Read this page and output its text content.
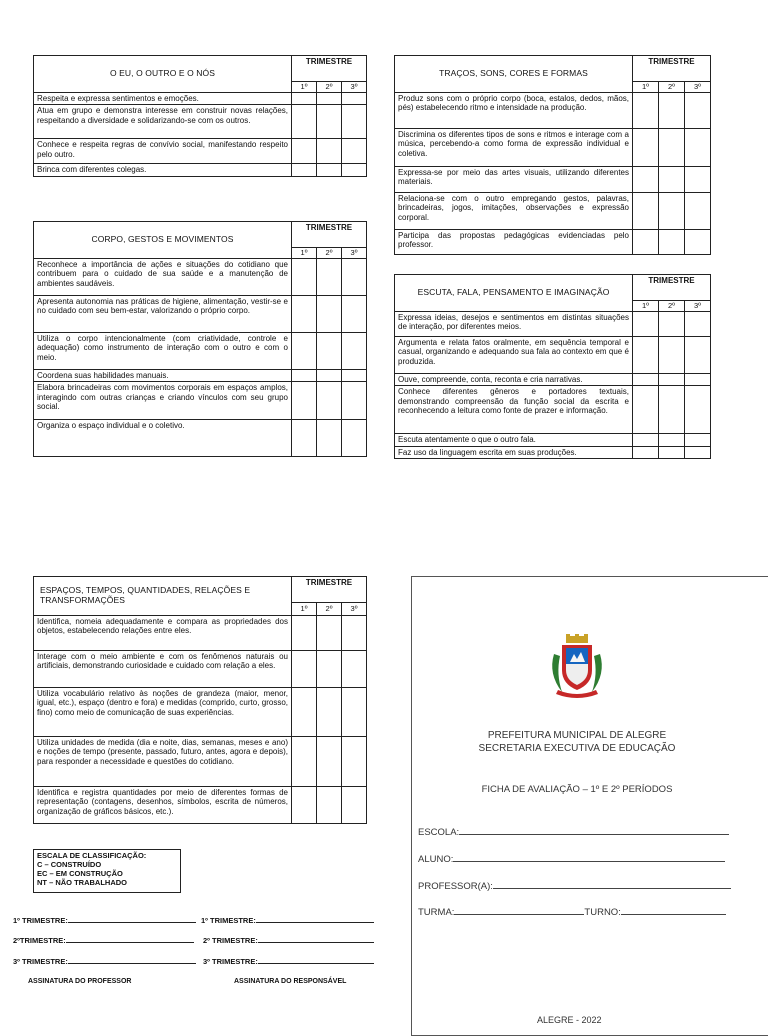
O EU, O OUTRO E O NÓS	TRIMESTRE		
	1º	2º	3º
Respeita e expressa sentimentos e emoções.			
Atua em grupo e demonstra interesse em construir novas relações, respeitando a diversidade e solidarizando-se com os outros.			
Conhece e respeita regras de convívio social, manifestando respeito pelo outro.			
Brinca com diferentes colegas.			
TRAÇOS, SONS, CORES E FORMAS	TRIMESTRE		
	1º	2º	3º
Produz sons com o próprio corpo (boca, estalos, dedos, mãos, pés) estabelecendo ritmo e intensidade na produção.			
Discrimina os diferentes tipos de sons e ritmos e interage com a música, percebendo-a como forma de expressão individual e coletiva.			
Expressa-se por meio das artes visuais, utilizando diferentes materiais.			
Relaciona-se com o outro empregando gestos, palavras, brincadeiras, jogos, imitações, observações e expressão corporal.			
Participa das propostas pedagógicas evidenciadas pelo professor.			
CORPO, GESTOS E MOVIMENTOS	TRIMESTRE		
	1º	2º	3º
Reconhece a importância de ações e situações do cotidiano que contribuem para o cuidado de sua saúde e a manutenção de ambientes saudáveis.			
Apresenta autonomia nas práticas de higiene, alimentação, vestir-se e no cuidado com seu bem-estar, valorizando o próprio corpo.			
Utiliza o corpo intencionalmente (com criatividade, controle e adequação) como instrumento de interação com o outro e com o meio.			
Coordena suas habilidades manuais.			
Elabora brincadeiras com movimentos corporais em espaços amplos, interagindo com outras crianças e criando vínculos com seu grupo social.			
Organiza o espaço individual e o coletivo.			
ESCUTA, FALA, PENSAMENTO E IMAGINAÇÃO	TRIMESTRE		
	1º	2º	3º
Expressa ideias, desejos e sentimentos em distintas situações de interação, por diferentes meios.			
Argumenta e relata fatos oralmente, em sequência temporal e casual, organizando e adequando sua fala ao contexto em que é produzida.			
Ouve, compreende, conta, reconta e cria narrativas.			
Conhece diferentes gêneros e portadores textuais, demonstrando compreensão da função social da escrita e reconhecendo a leitura como fonte de prazer e informação.			
Escuta atentamente o que o outro fala.			
Faz uso da linguagem escrita em suas produções.			
ESPAÇOS, TEMPOS, QUANTIDADES, RELAÇÕES E TRANSFORMAÇÕES	TRIMESTRE		
	1º	2º	3º
Identifica, nomeia adequadamente e compara as propriedades dos objetos, estabelecendo relações entre eles.			
Interage com o meio ambiente e com os fenômenos naturais ou artificiais, demonstrando curiosidade e cuidado com relação a eles.			
Utiliza vocabulário relativo às noções de grandeza (maior, menor, igual, etc.), espaço (dentro e fora) e medidas (comprido, curto, grosso, fino) como meio de comunicação de suas experiências.			
Utiliza unidades de medida (dia e noite, dias, semanas, meses e ano) e noções de tempo (presente, passado, futuro, antes, agora e depois), para responder a necessidade e questões do cotidiano.			
Identifica e registra quantidades por meio de diferentes formas de representação (contagens, desenhos, símbolos, escrita de números, organização de gráficos básicos, etc.).			
ESCALA DE CLASSIFICAÇÃO:
C – CONSTRUÍDO
EC – EM CONSTRUÇÃO
NT – NÃO TRABALHADO
1º TRIMESTRE:
2ºTRIMESTRE:
3º TRIMESTRE:
1º TRIMESTRE:
2º TRIMESTRE:
3º TRIMESTRE:
ASSINATURA DO PROFESSOR	ASSINATURA DO RESPONSÁVEL
PREFEITURA MUNICIPAL DE ALEGRE
SECRETARIA EXECUTIVA DE EDUCAÇÃO
FICHA DE AVALIAÇÃO – 1º E 2º PERÍODOS
ESCOLA:
ALUNO:
PROFESSOR(A):
TURMA:	TURNO:
ALEGRE - 2022
